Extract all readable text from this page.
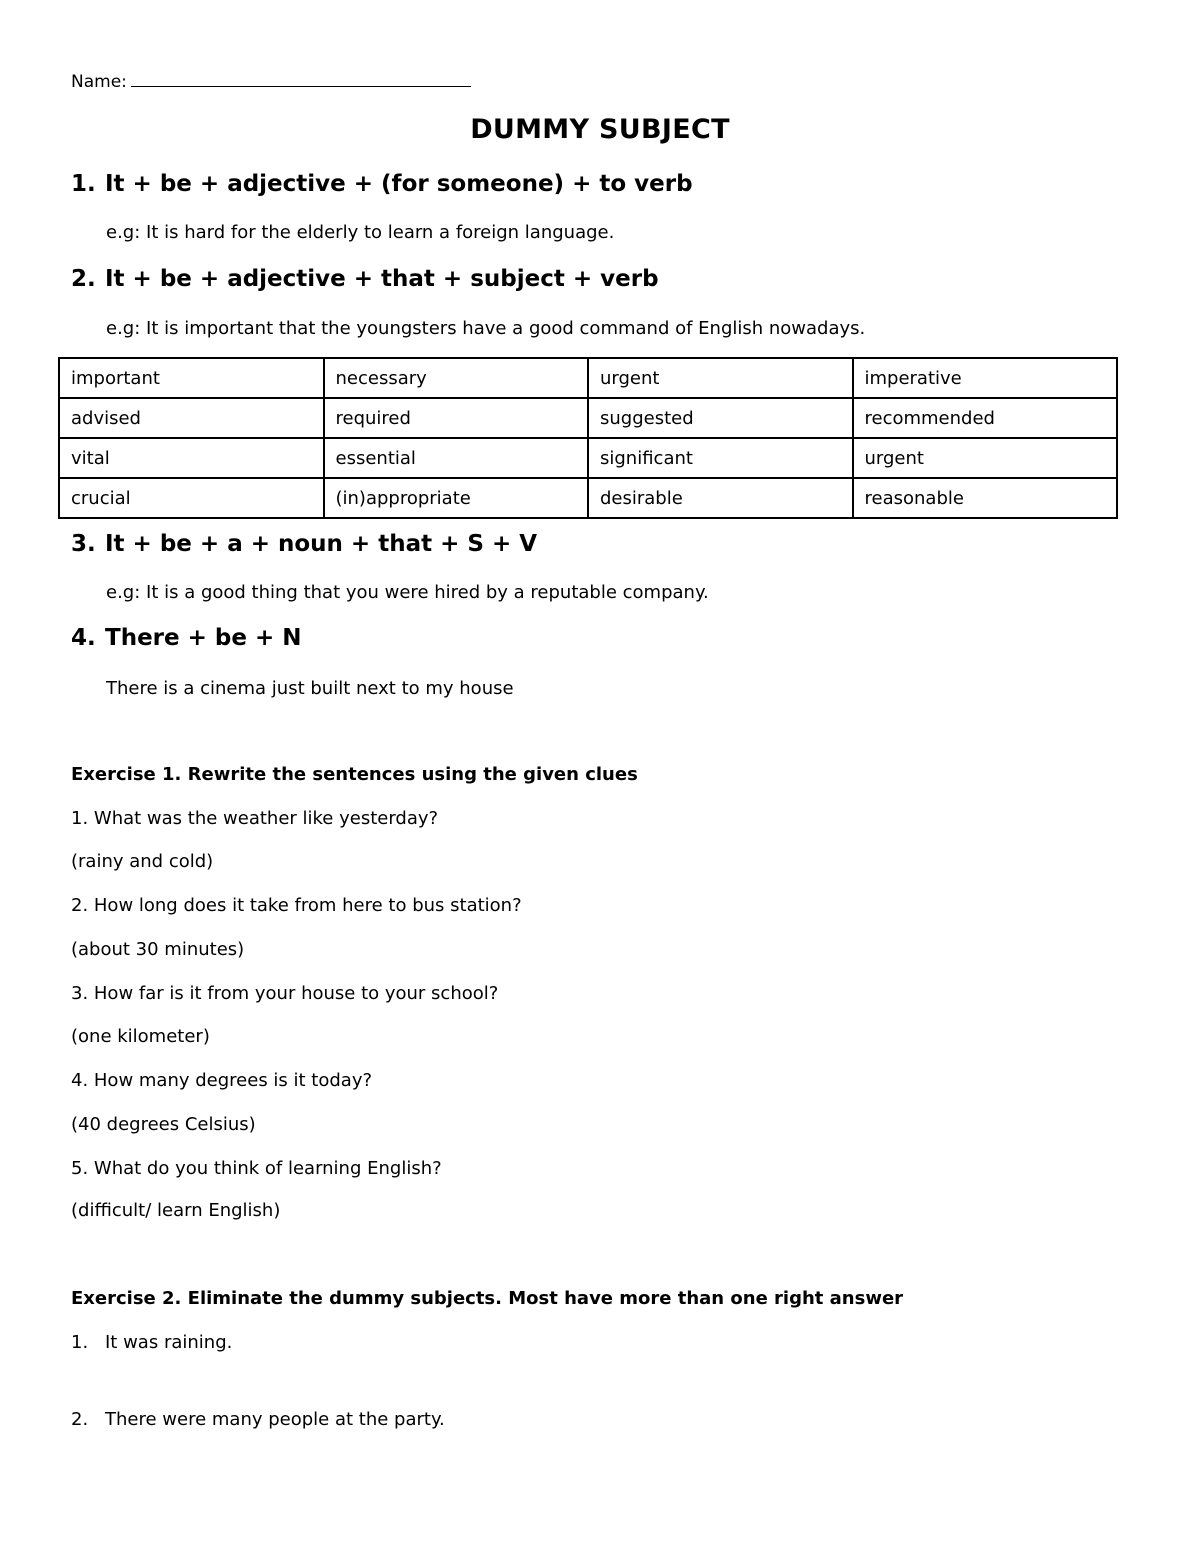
Name:
DUMMY SUBJECT
1. It + be + adjective + (for someone) + to verb
e.g: It is hard for the elderly to learn a foreign language.
2. It + be + adjective + that + subject + verb
e.g: It is important that the youngsters have a good command of English nowadays.
important	necessary	urgent	imperative
advised	required	suggested	recommended
vital	essential	significant	urgent
crucial	(in)appropriate	desirable	reasonable
3. It + be + a + noun + that + S + V
e.g: It is a good thing that you were hired by a reputable company.
4. There + be + N
There is a cinema just built next to my house
Exercise 1. Rewrite the sentences using the given clues
1. What was the weather like yesterday?
(rainy and cold)
2. How long does it take from here to bus station?
(about 30 minutes)
3. How far is it from your house to your school?
(one kilometer)
4. How many degrees is it today?
(40 degrees Celsius)
5. What do you think of learning English?
(difficult/ learn English)
Exercise 2. Eliminate the dummy subjects. Most have more than one right answer
1. It was raining.
2. There were many people at the party.
